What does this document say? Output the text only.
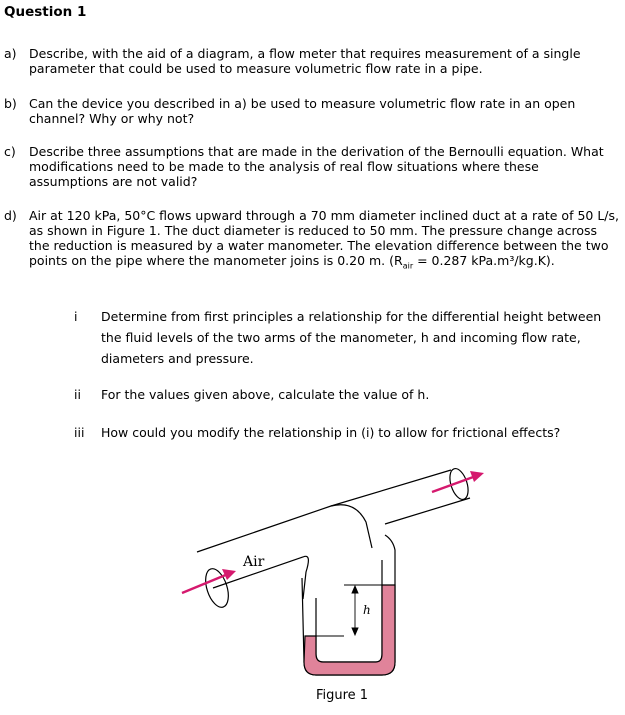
Question 1
a) Describe, with the aid of a diagram, a flow meter that requires measurement of a single parameter that could be used to measure volumetric flow rate in a pipe.
b) Can the device you described in a) be used to measure volumetric flow rate in an open channel? Why or why not?
c) Describe three assumptions that are made in the derivation of the Bernoulli equation. What modifications need to be made to the analysis of real flow situations where these assumptions are not valid?
d) Air at 120 kPa, 50°C flows upward through a 70 mm diameter inclined duct at a rate of 50 L/s, as shown in Figure 1. The duct diameter is reduced to 50 mm. The pressure change across the reduction is measured by a water manometer. The elevation difference between the two points on the pipe where the manometer joins is 0.20 m. ($R_{air} = 0.287$ kPa.m³/kg.K).
i	Determine from first principles a relationship for the differential height between the fluid levels of the two arms of the manometer, h and incoming flow rate, diameters and pressure.
ii	For the values given above, calculate the value of h.
iii	How could you modify the relationship in (i) to allow for frictional effects?
Air
h
Figure 1
